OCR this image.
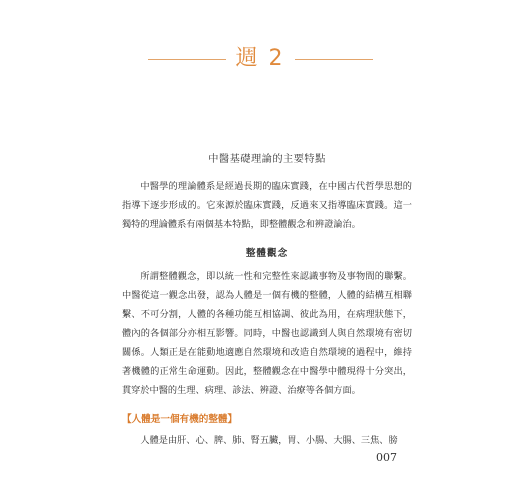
週 2
中醫基礎理論的主要特點

中醫學的理論體系是經過長期的臨床實踐，在中國古代哲學思想的指導下逐步形成的。它來源於臨床實踐，反過來又指導臨床實踐。這一獨特的理論體系有兩個基本特點，即整體觀念和辨證論治。

整體觀念

所謂整體觀念，即以統一性和完整性來認識事物及事物間的聯繫。中醫從這一觀念出發，認為人體是一個有機的整體，人體的結構互相聯繫、不可分割，人體的各種功能互相協調、彼此為用，在病理狀態下，體內的各個部分亦相互影響。同時，中醫也認識到人與自然環境有密切關係。人類正是在能動地適應自然環境和改造自然環境的過程中，維持著機體的正常生命運動。因此，整體觀念在中醫學中體現得十分突出，貫穿於中醫的生理、病理、診法、辨證、治療等各個方面。

【人體是一個有機的整體】

人體是由肝、心、脾、肺、腎五臟，胃、小腸、大腸、三焦、膀

007
